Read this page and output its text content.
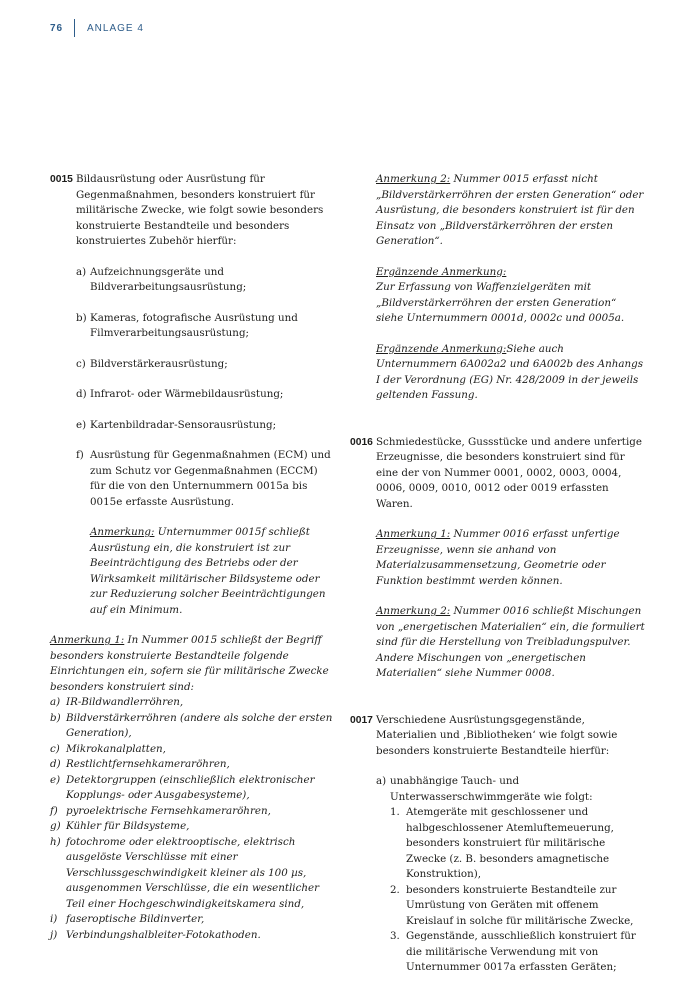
76	ANLAGE 4
0015 Bildausrüstung oder Ausrüstung für Gegenmaßnahmen, besonders konstruiert für militärische Zwecke, wie folgt sowie besonders konstruierte Bestandteile und besonders konstruiertes Zubehör hierfür:

a) Aufzeichnungsgeräte und Bildverarbeitungsausrüstung;
b) Kameras, fotografische Ausrüstung und Filmverarbeitungsausrüstung;
c) Bildverstärkerausrüstung;
d) Infrarot- oder Wärmebildausrüstung;
e) Kartenbildradar-Sensorausrüstung;
f) Ausrüstung für Gegenmaßnahmen (ECM) und zum Schutz vor Gegenmaßnahmen (ECCM) für die von den Unternummern 0015a bis 0015e erfasste Ausrüstung.

Anmerkung: Unternummer 0015f schließt Ausrüstung ein, die konstruiert ist zur Beeinträchtigung des Betriebs oder der Wirksamkeit militärischer Bildsysteme oder zur Reduzierung solcher Beeinträchtigungen auf ein Minimum.

Anmerkung 1: In Nummer 0015 schließt der Begriff besonders konstruierte Bestandteile folgende Einrichtungen ein, sofern sie für militärische Zwecke besonders konstruiert sind:

a) IR-Bildwandlerröhren,
b) Bildverstärkerröhren (andere als solche der ersten Generation),
c) Mikrokanalplatten,
d) Restlichtfernsehkameraröhren,
e) Detektorgruppen (einschließlich elektronischer Kopplungs- oder Ausgabesysteme),
f) pyroelektrische Fernsehkameraröhren,
g) Kühler für Bildsysteme,
h) fotochrome oder elektrooptische, elektrisch ausgelöste Verschlüsse mit einer Verschlussgeschwindigkeit kleiner als 100 µs, ausgenommen Verschlüsse, die ein wesentlicher Teil einer Hochgeschwindigkeitskamera sind,
i) faseroptische Bildinverter,
j) Verbindungshalbleiter-Fotokathoden.

Anmerkung 2: Nummer 0015 erfasst nicht „Bildverstärkerröhren der ersten Generation“ oder Ausrüstung, die besonders konstruiert ist für den Einsatz von „Bildverstärkerröhren der ersten Generation“.

Ergänzende Anmerkung:

Zur Erfassung von Waffenzielgeräten mit „Bildverstärkerröhren der ersten Generation“ siehe Unternummern 0001d, 0002c und 0005a.

Ergänzende Anmerkung:Siehe auch Unternummern 6A002a2 und 6A002b des Anhangs I der Verordnung (EG) Nr. 428/2009 in der jeweils geltenden Fassung.

0016 Schmiedestücke, Gussstücke und andere unfertige Erzeugnisse, die besonders konstruiert sind für eine der von Nummer 0001, 0002, 0003, 0004, 0006, 0009, 0010, 0012 oder 0019 erfassten Waren.

Anmerkung 1: Nummer 0016 erfasst unfertige Erzeugnisse, wenn sie anhand von Materialzusammensetzung, Geometrie oder Funktion bestimmt werden können.

Anmerkung 2: Nummer 0016 schließt Mischungen von „energetischen Materialien“ ein, die formuliert sind für die Herstellung von Treibladungspulver. Andere Mischungen von „energetischen Materialien“ siehe Nummer 0008.

0017 Verschiedene Ausrüstungsgegenstände, Materialien und ‚Bibliotheken‘ wie folgt sowie besonders konstruierte Bestandteile hierfür:

a) unabhängige Tauch- und Unterwasserschwimmgeräte wie folgt:
1. Atemgeräte mit geschlossener und halbgeschlossener Atemluftemeuerung, besonders konstruiert für militärische Zwecke (z. B. besonders amagnetische Konstruktion),
2. besonders konstruierte Bestandteile zur Umrüstung von Geräten mit offenem Kreislauf in solche für militärische Zwecke,
3. Gegenstände, ausschließlich konstruiert für die militärische Verwendung mit von Unternummer 0017a erfassten Geräten;
